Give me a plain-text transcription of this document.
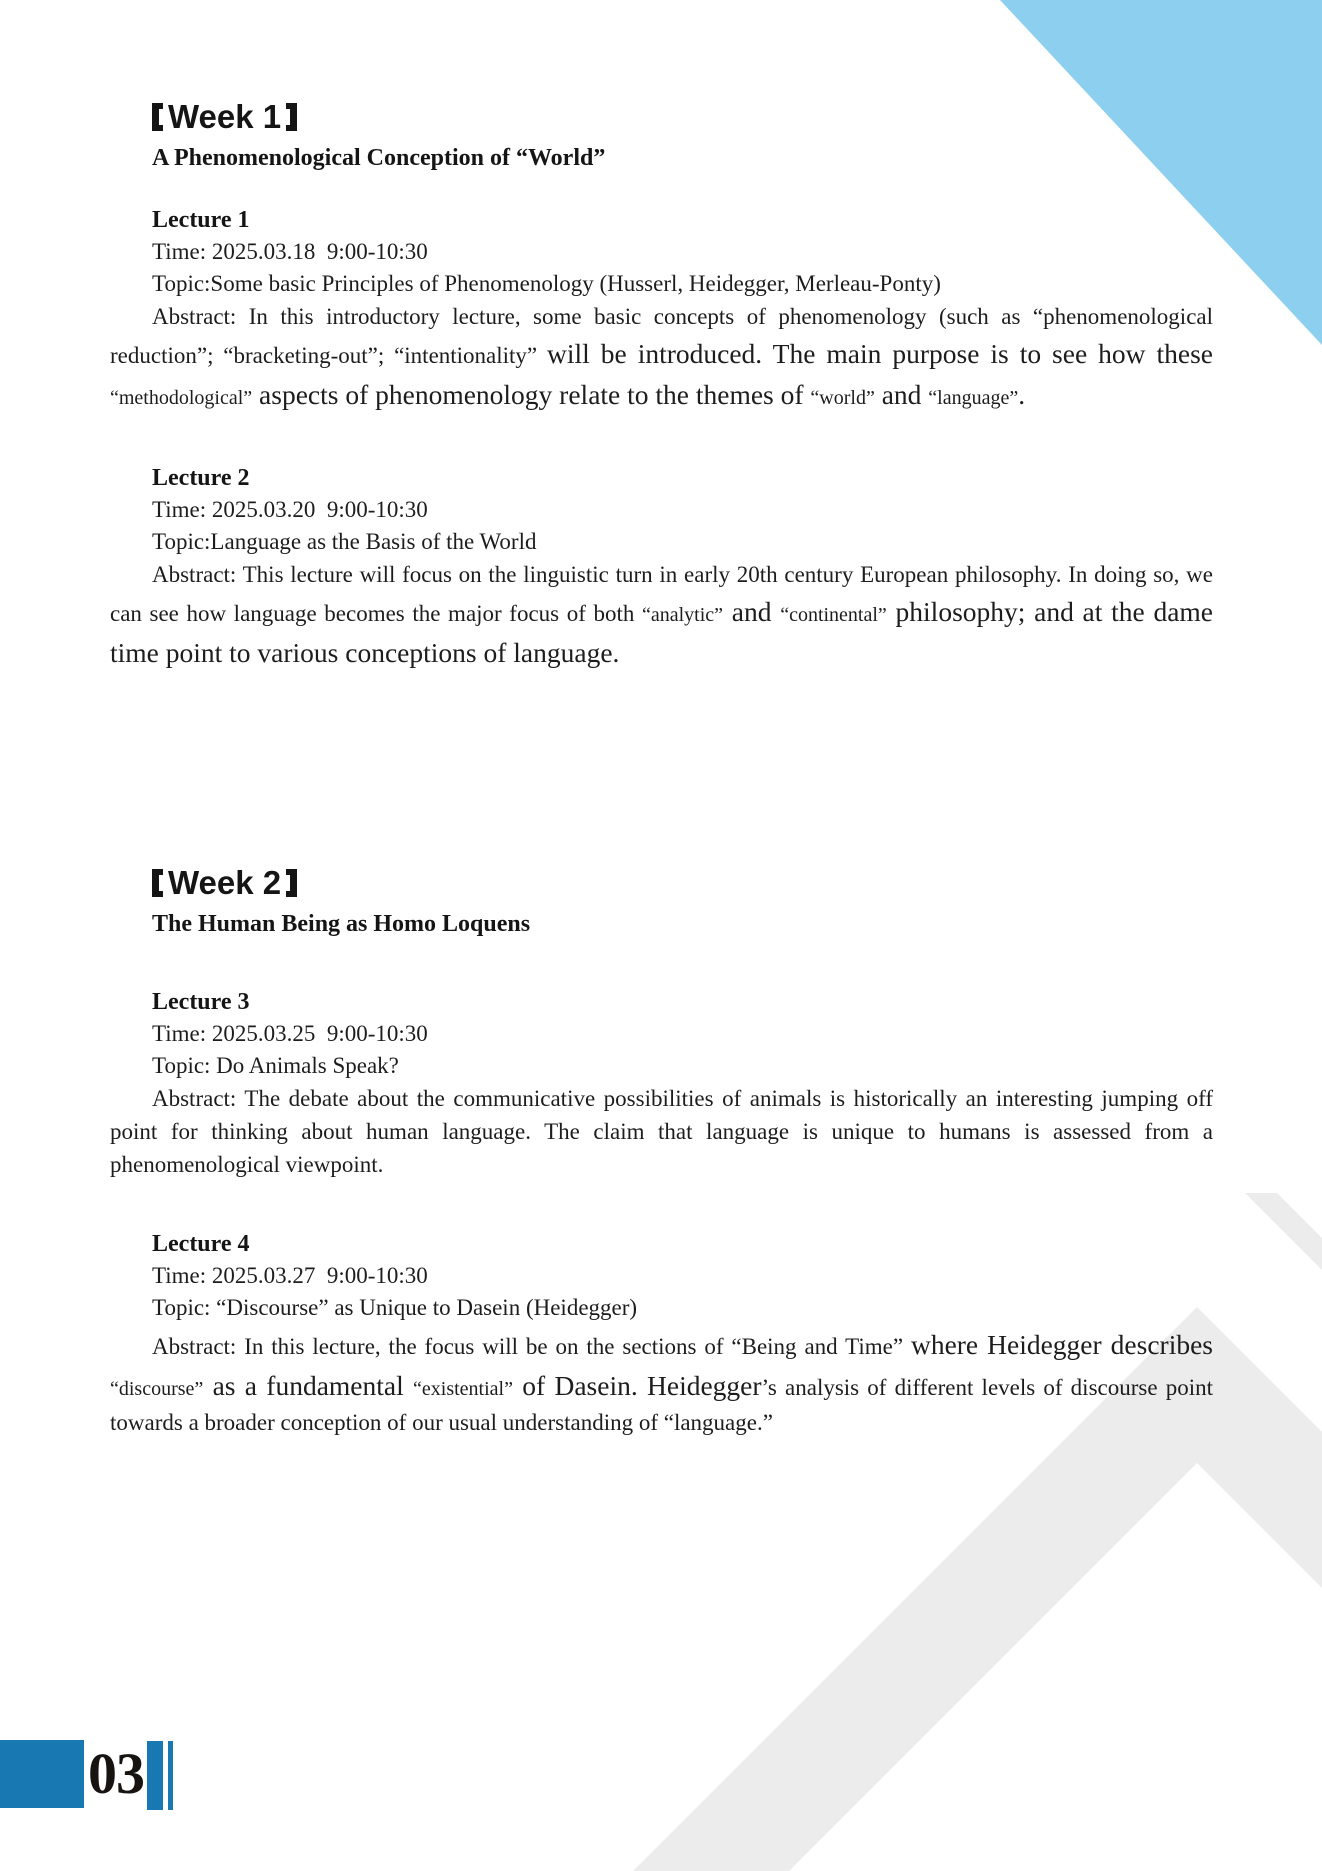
Week 1
A Phenomenological Conception of “World”
Lecture 1
Time: 2025.03.18  9:00-10:30

Topic:Some basic Principles of Phenomenology (Husserl, Heidegger, Merleau-Ponty)

Abstract: In this introductory lecture, some basic concepts of phenomenology (such as “phenomenological reduction”; “bracketing-out”; “intentionality” will be introduced. The main purpose is to see how these “methodological” aspects of phenomenology relate to the themes of “world” and “language”.

Lecture 2
Time: 2025.03.20  9:00-10:30

Topic:Language as the Basis of the World

Abstract: This lecture will focus on the linguistic turn in early 20th century European philosophy. In doing so, we can see how language becomes the major focus of both “analytic” and “continental” philosophy; and at the dame time point to various conceptions of language.

Week 2
The Human Being as Homo Loquens
Lecture 3
Time: 2025.03.25  9:00-10:30

Topic: Do Animals Speak?

Abstract: The debate about the communicative possibilities of animals is historically an interesting jumping off point for thinking about human language. The claim that language is unique to humans is assessed from a phenomenological viewpoint.

Lecture 4
Time: 2025.03.27  9:00-10:30

Topic: “Discourse” as Unique to Dasein (Heidegger)

Abstract: In this lecture, the focus will be on the sections of “Being and Time” where Heidegger describes “discourse” as a fundamental “existential” of Dasein. Heidegger’s analysis of different levels of discourse point towards a broader conception of our usual understanding of “language.”

03
